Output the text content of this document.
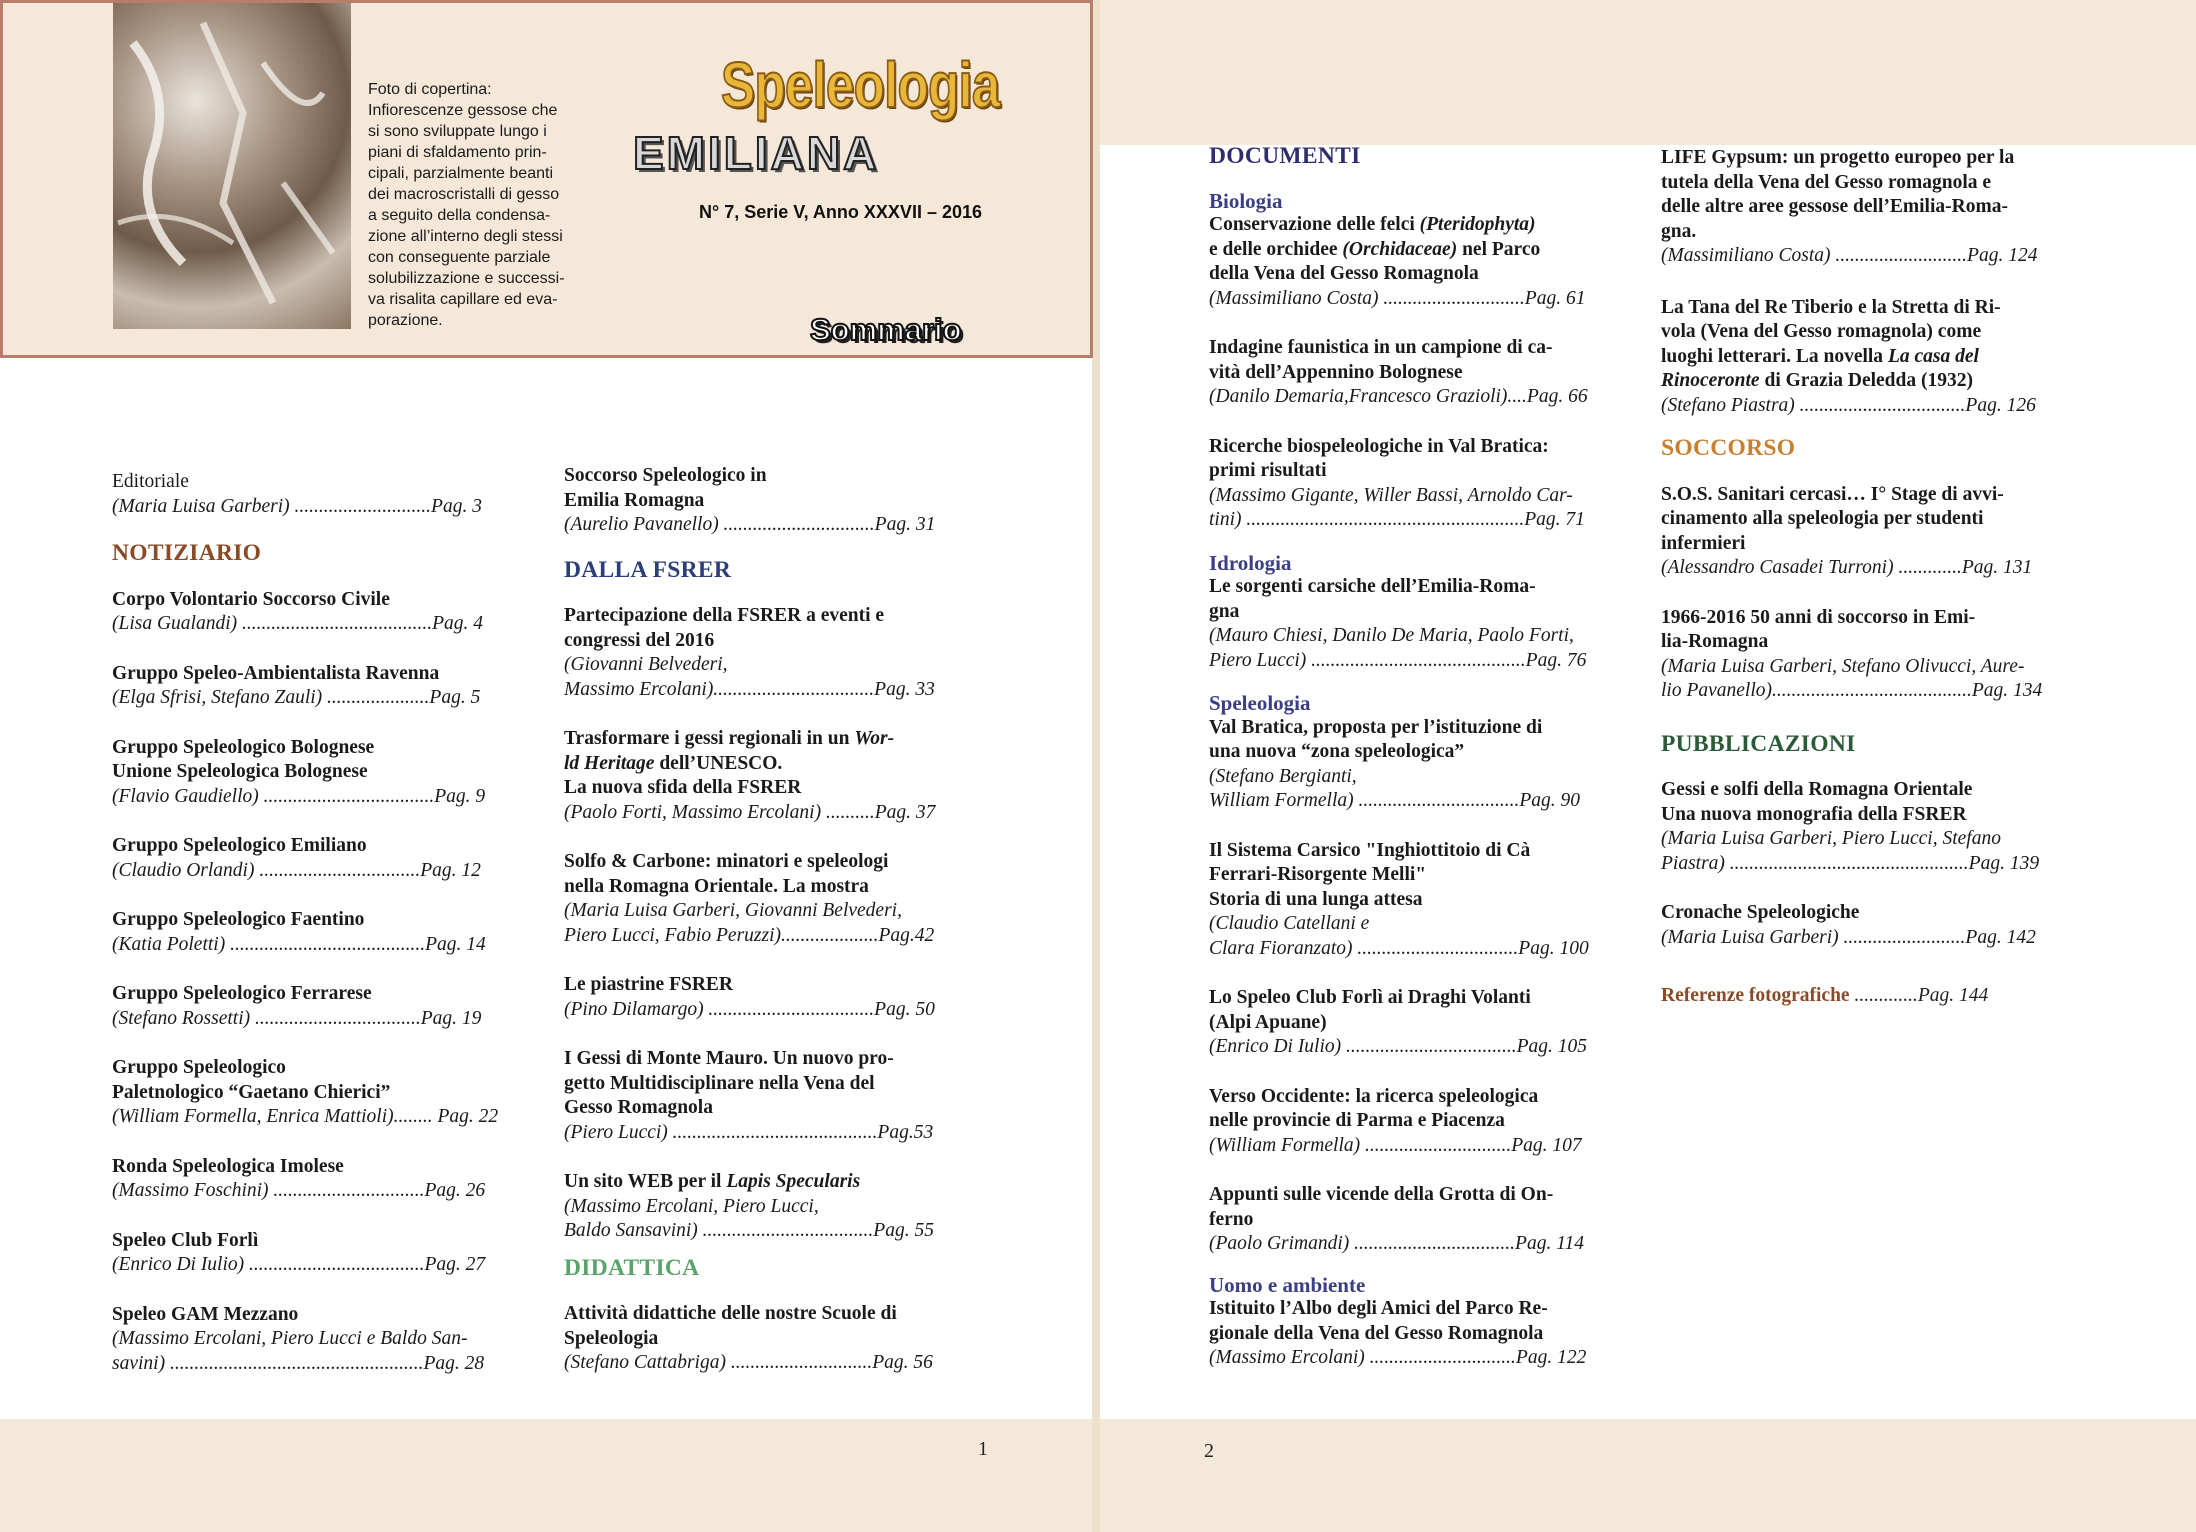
Foto di copertina:
Infiorescenze gessose che
si sono sviluppate lungo i
piani di sfaldamento prin-
cipali, parzialmente beanti
dei macroscristalli di gesso
a seguito della condensa-
zione all’interno degli stessi
con conseguente parziale
solubilizzazione e successi-
va risalita capillare ed eva-
porazione.
Speleologia
EMILIANA
N° 7, Serie V, Anno XXXVII – 2016
Sommario
Editoriale
(Maria Luisa Garberi) ............................Pag. 3
NOTIZIARIO
Corpo Volontario Soccorso Civile
(Lisa Gualandi) .......................................Pag. 4
Gruppo Speleo-Ambientalista Ravenna
(Elga Sfrisi, Stefano Zauli) .....................Pag. 5
Gruppo Speleologico Bolognese
Unione Speleologica Bolognese
(Flavio Gaudiello) ...................................Pag. 9
Gruppo Speleologico Emiliano
(Claudio Orlandi) .................................Pag. 12
Gruppo Speleologico Faentino
(Katia Poletti) ........................................Pag. 14
Gruppo Speleologico Ferrarese
(Stefano Rossetti) ..................................Pag. 19
Gruppo Speleologico
Paletnologico “Gaetano Chierici”
(William Formella, Enrica Mattioli)........ Pag. 22
Ronda Speleologica Imolese
(Massimo Foschini) ...............................Pag. 26
Speleo Club Forlì
(Enrico Di Iulio) ....................................Pag. 27
Speleo GAM Mezzano
(Massimo Ercolani, Piero Lucci e Baldo San-
savini) ....................................................Pag. 28
Soccorso Speleologico in
Emilia Romagna
(Aurelio Pavanello) ...............................Pag. 31
DALLA FSRER
Partecipazione della FSRER a eventi e
congressi del 2016
(Giovanni Belvederi,
Massimo Ercolani).................................Pag. 33
Trasformare i gessi regionali in un Wor-
ld Heritage dell’UNESCO.
La nuova sfida della FSRER
(Paolo Forti, Massimo Ercolani) ..........Pag. 37
Solfo & Carbone: minatori e speleologi
nella Romagna Orientale. La mostra
(Maria Luisa Garberi, Giovanni Belvederi,
Piero Lucci, Fabio Peruzzi)....................Pag.42
Le piastrine FSRER
(Pino Dilamargo) ..................................Pag. 50
I Gessi di Monte Mauro. Un nuovo pro-
getto Multidisciplinare nella Vena del
Gesso Romagnola
(Piero Lucci) ..........................................Pag.53
Un sito WEB per il Lapis Specularis
(Massimo Ercolani, Piero Lucci,
Baldo Sansavini) ...................................Pag. 55
DIDATTICA
Attività didattiche delle nostre Scuole di
Speleologia
(Stefano Cattabriga) .............................Pag. 56
DOCUMENTI
Biologia
Conservazione delle felci (Pteridophyta)
e delle orchidee (Orchidaceae) nel Parco
della Vena del Gesso Romagnola
(Massimiliano Costa) .............................Pag. 61
Indagine faunistica in un campione di ca-
vità dell’Appennino Bolognese
(Danilo Demaria,Francesco Grazioli)....Pag. 66
Ricerche biospeleologiche in Val Bratica:
primi risultati
(Massimo Gigante, Willer Bassi, Arnoldo Car-
tini) .........................................................Pag. 71
Idrologia
Le sorgenti carsiche dell’Emilia-Roma-
gna
(Mauro Chiesi, Danilo De Maria, Paolo Forti,
Piero Lucci) ............................................Pag. 76
Speleologia
Val Bratica, proposta per l’istituzione di
una nuova “zona speleologica”
(Stefano Bergianti,
William Formella) .................................Pag. 90
Il Sistema Carsico "Inghiottitoio di Cà
Ferrari-Risorgente Melli"
Storia di una lunga attesa
(Claudio Catellani e
Clara Fioranzato) .................................Pag. 100
Lo Speleo Club Forlì ai Draghi Volanti
(Alpi Apuane)
(Enrico Di Iulio) ...................................Pag. 105
Verso Occidente: la ricerca speleologica
nelle provincie di Parma e Piacenza
(William Formella) ..............................Pag. 107
Appunti sulle vicende della Grotta di On-
ferno
(Paolo Grimandi) .................................Pag. 114
Uomo e ambiente
Istituito l’Albo degli Amici del Parco Re-
gionale della Vena del Gesso Romagnola
(Massimo Ercolani) ..............................Pag. 122
LIFE Gypsum: un progetto europeo per la
tutela della Vena del Gesso romagnola e
delle altre aree gessose dell’Emilia-Roma-
gna.
(Massimiliano Costa) ...........................Pag. 124
La Tana del Re Tiberio e la Stretta di Ri-
vola (Vena del Gesso romagnola) come
luoghi letterari. La novella La casa del
Rinoceronte di Grazia Deledda (1932)
(Stefano Piastra) ..................................Pag. 126
SOCCORSO
S.O.S. Sanitari cercasi… I° Stage di avvi-
cinamento alla speleologia per studenti
infermieri
(Alessandro Casadei Turroni) .............Pag. 131
1966-2016 50 anni di soccorso in Emi-
lia-Romagna
(Maria Luisa Garberi, Stefano Olivucci, Aure-
lio Pavanello).........................................Pag. 134
PUBBLICAZIONI
Gessi e solfi della Romagna Orientale
Una nuova monografia della FSRER
(Maria Luisa Garberi, Piero Lucci, Stefano
Piastra) .................................................Pag. 139
Cronache Speleologiche
(Maria Luisa Garberi) .........................Pag. 142
Referenze fotografiche .............Pag. 144
1	2
